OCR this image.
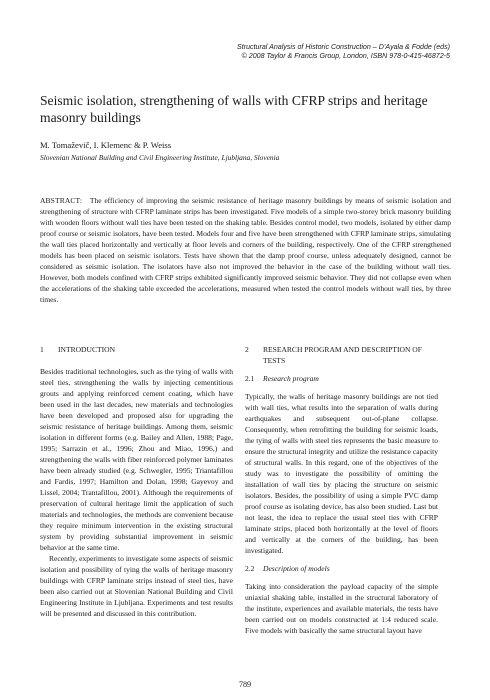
Structural Analysis of Historic Construction – D’Ayala & Fodde (eds)
© 2008 Taylor & Francis Group, London, ISBN 978-0-415-46872-5
Seismic isolation, strengthening of walls with CFRP strips and heritage masonry buildings
M. Tomaževič, I. Klemenc & P. Weiss
Slovenian National Building and Civil Engineering Institute, Ljubljana, Slovenia
ABSTRACT: The efficiency of improving the seismic resistance of heritage masonry buildings by means of seismic isolation and strengthening of structure with CFRP laminate strips has been investigated. Five models of a simple two-storey brick masonry building with wooden floors without wall ties have been tested on the shaking table. Besides control model, two models, isolated by either damp proof course or seismic isolators, have been tested. Models four and five have been strengthened with CFRP laminate strips, simulating the wall ties placed horizontally and vertically at floor levels and corners of the building, respectively. One of the CFRP strengthened models has been placed on seismic isolators. Tests have shown that the damp proof course, unless adequately designed, cannot be considered as seismic isolation. The isolators have also not improved the behavior in the case of the building without wall ties. However, both models confined with CFRP strips exhibited significantly improved seismic behavior. They did not collapse even when the accelerations of the shaking table exceeded the accelerations, measured when tested the control models without wall ties, by three times.
1	INTRODUCTION

Besides traditional technologies, such as the tying of walls with steel ties, strengthening the walls by injecting cementitious grouts and applying reinforced cement coating, which have been used in the last decades, new materials and technologies have been developed and proposed also for upgrading the seismic resistance of heritage buildings. Among them, seismic isolation in different forms (e.g. Bailey and Allen, 1988; Page, 1995; Sarrazin et al., 1996; Zhou and Miao, 1996,) and strengthening the walls with fiber reinforced polymer laminates have been already studied (e.g. Schwegler, 1995; Triantafillou and Fardis, 1997; Hamilton and Dolan, 1998; Gayevoy and Lissel, 2004; Trantafillou, 2001). Although the requirements of preservation of cultural heritage limit the application of such materials and technologies, the methods are convenient because they require minimum intervention in the existing structural system by providing substantial improvement in seismic behavior at the same time.

Recently, experiments to investigate some aspects of seismic isolation and possibility of tying the walls of heritage masonry buildings with CFRP laminate strips instead of steel ties, have been also carried out at Slovenian National Building and Civil Engineering Institute in Ljubljana. Experiments and test results will be presented and discussed in this contribution.

2	RESEARCH PROGRAM AND DESCRIPTION OF TESTS
2.1	Research program

Typically, the walls of heritage masonry buildings are not tied with wall ties, what results into the separation of walls during earthquakes and subsequent out-of-plane collapse. Consequently, when retrofitting the building for seismic loads, the tying of walls with steel ties represents the basic measure to ensure the structural integrity and utilize the resistance capacity of structural walls. In this regard, one of the objectives of the study was to investigate the possibility of omitting the installation of wall ties by placing the structure on seismic isolators. Besides, the possibility of using a simple PVC damp proof course as isolating device, has also been studied. Last but not least, the idea to replace the usual steel ties with CFRP laminate strips, placed both horizontally at the level of floors and vertically at the corners of the building, has been investigated.

2.2	Description of models

Taking into consideration the payload capacity of the simple uniaxial shaking table, installed in the structural laboratory of the institute, experiences and available materials, the tests have been carried out on models constructed at 1:4 reduced scale. Five models with basically the same structural layout have

789
